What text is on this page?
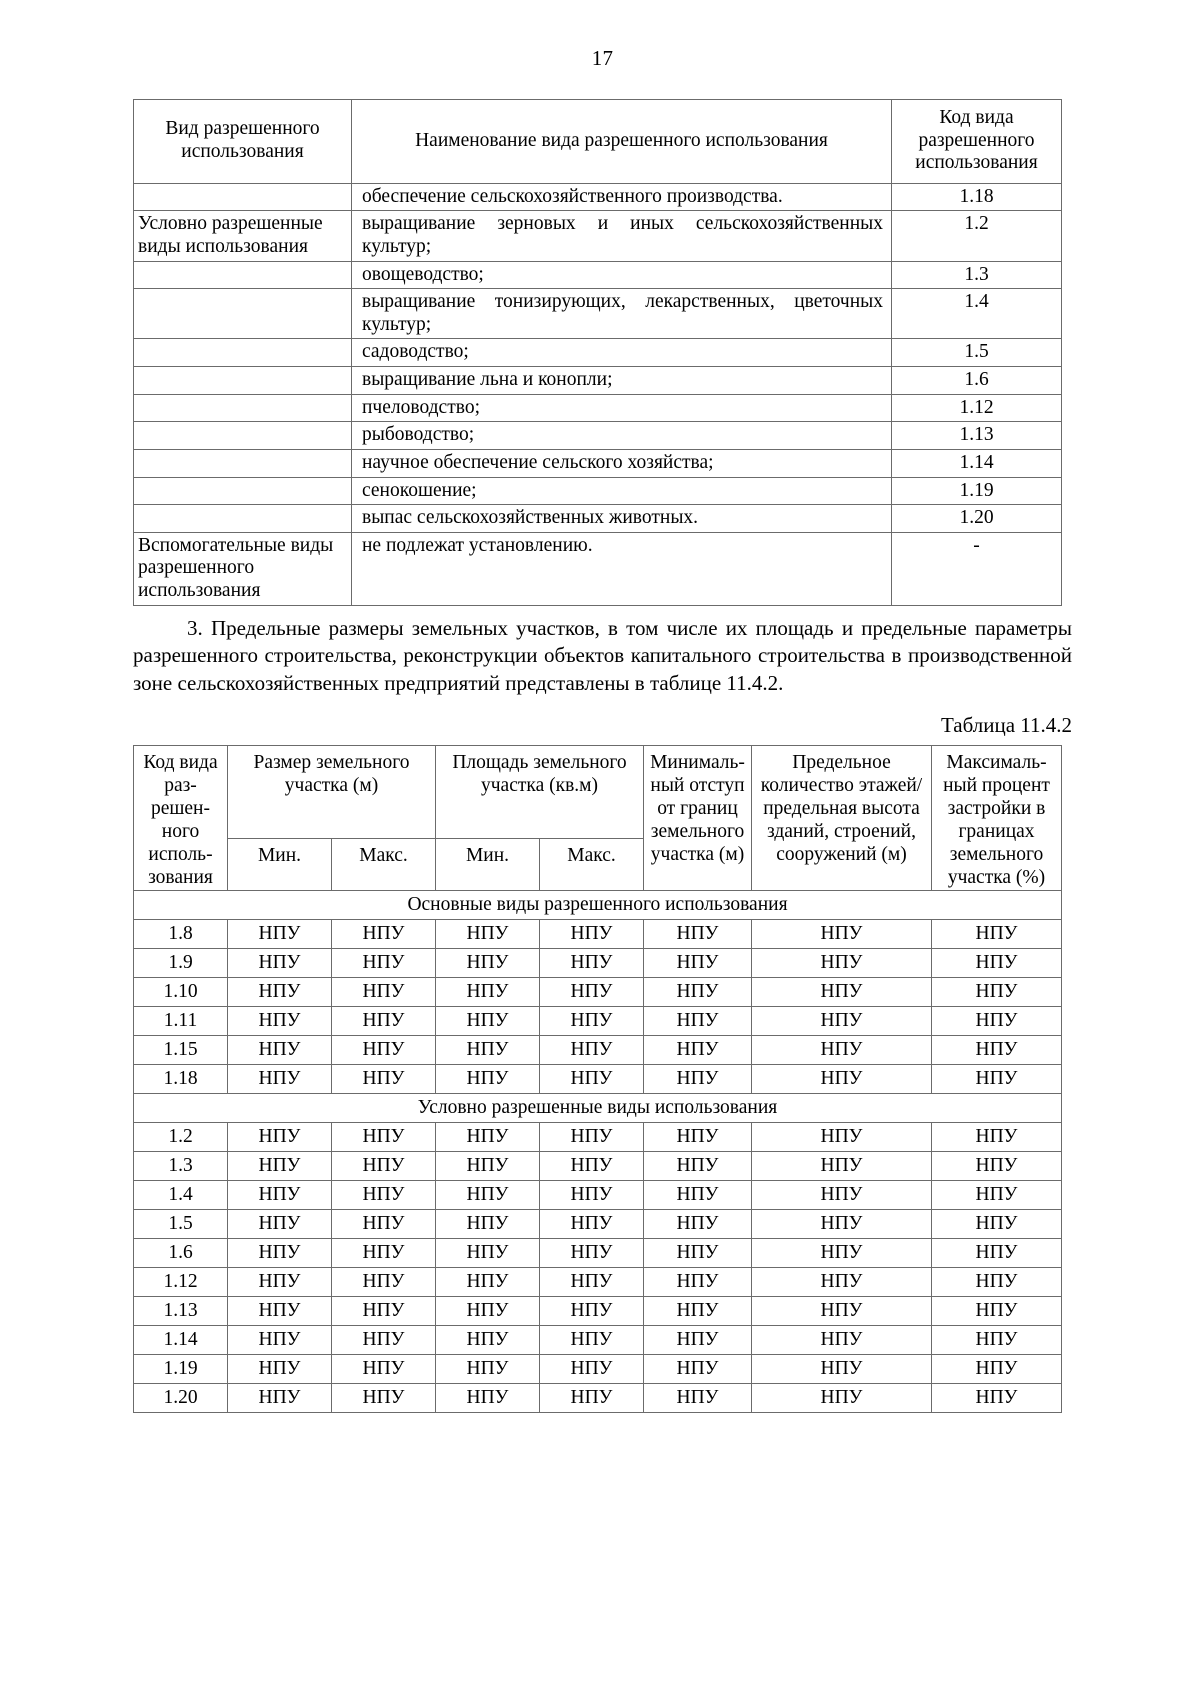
17
Вид разрешенного использования	Наименование вида разрешенного использования	Код вида разрешенного использования
	обеспечение сельскохозяйственного производства.	1.18
Условно разрешенные виды использования	выращивание зерновых и иных сельскохозяйственных культур;	1.2
	овощеводство;	1.3
	выращивание тонизирующих, лекарственных, цветочных культур;	1.4
	садоводство;	1.5
	выращивание льна и конопли;	1.6
	пчеловодство;	1.12
	рыбоводство;	1.13
	научное обеспечение сельского хозяйства;	1.14
	сенокошение;	1.19
	выпас сельскохозяйственных животных.	1.20
Вспомогательные виды разрешенного использования	не подлежат установлению.	-

3. Предельные размеры земельных участков, в том числе их площадь и предельные параметры разрешенного строительства, реконструкции объектов капитального строительства в производственной зоне сельскохозяйственных предприятий представлены в таблице 11.4.2.

Таблица 11.4.2
Код вида раз-решен-ного исполь-зования	Размер земельного участка (м)		Площадь земельного участка (кв.м)		Минималь-ный отступ от границ земельного участка (м)	Предельное количество этажей/ предельная высота зданий, строений, сооружений (м)	Максималь-ный процент застройки в границах земельного участка (%)
	Мин.	Макс.	Мин.	Макс.			
Основные виды разрешенного использования							
1.8	НПУ	НПУ	НПУ	НПУ	НПУ	НПУ	НПУ
1.9	НПУ	НПУ	НПУ	НПУ	НПУ	НПУ	НПУ
1.10	НПУ	НПУ	НПУ	НПУ	НПУ	НПУ	НПУ
1.11	НПУ	НПУ	НПУ	НПУ	НПУ	НПУ	НПУ
1.15	НПУ	НПУ	НПУ	НПУ	НПУ	НПУ	НПУ
1.18	НПУ	НПУ	НПУ	НПУ	НПУ	НПУ	НПУ
Условно разрешенные виды использования							
1.2	НПУ	НПУ	НПУ	НПУ	НПУ	НПУ	НПУ
1.3	НПУ	НПУ	НПУ	НПУ	НПУ	НПУ	НПУ
1.4	НПУ	НПУ	НПУ	НПУ	НПУ	НПУ	НПУ
1.5	НПУ	НПУ	НПУ	НПУ	НПУ	НПУ	НПУ
1.6	НПУ	НПУ	НПУ	НПУ	НПУ	НПУ	НПУ
1.12	НПУ	НПУ	НПУ	НПУ	НПУ	НПУ	НПУ
1.13	НПУ	НПУ	НПУ	НПУ	НПУ	НПУ	НПУ
1.14	НПУ	НПУ	НПУ	НПУ	НПУ	НПУ	НПУ
1.19	НПУ	НПУ	НПУ	НПУ	НПУ	НПУ	НПУ
1.20	НПУ	НПУ	НПУ	НПУ	НПУ	НПУ	НПУ
